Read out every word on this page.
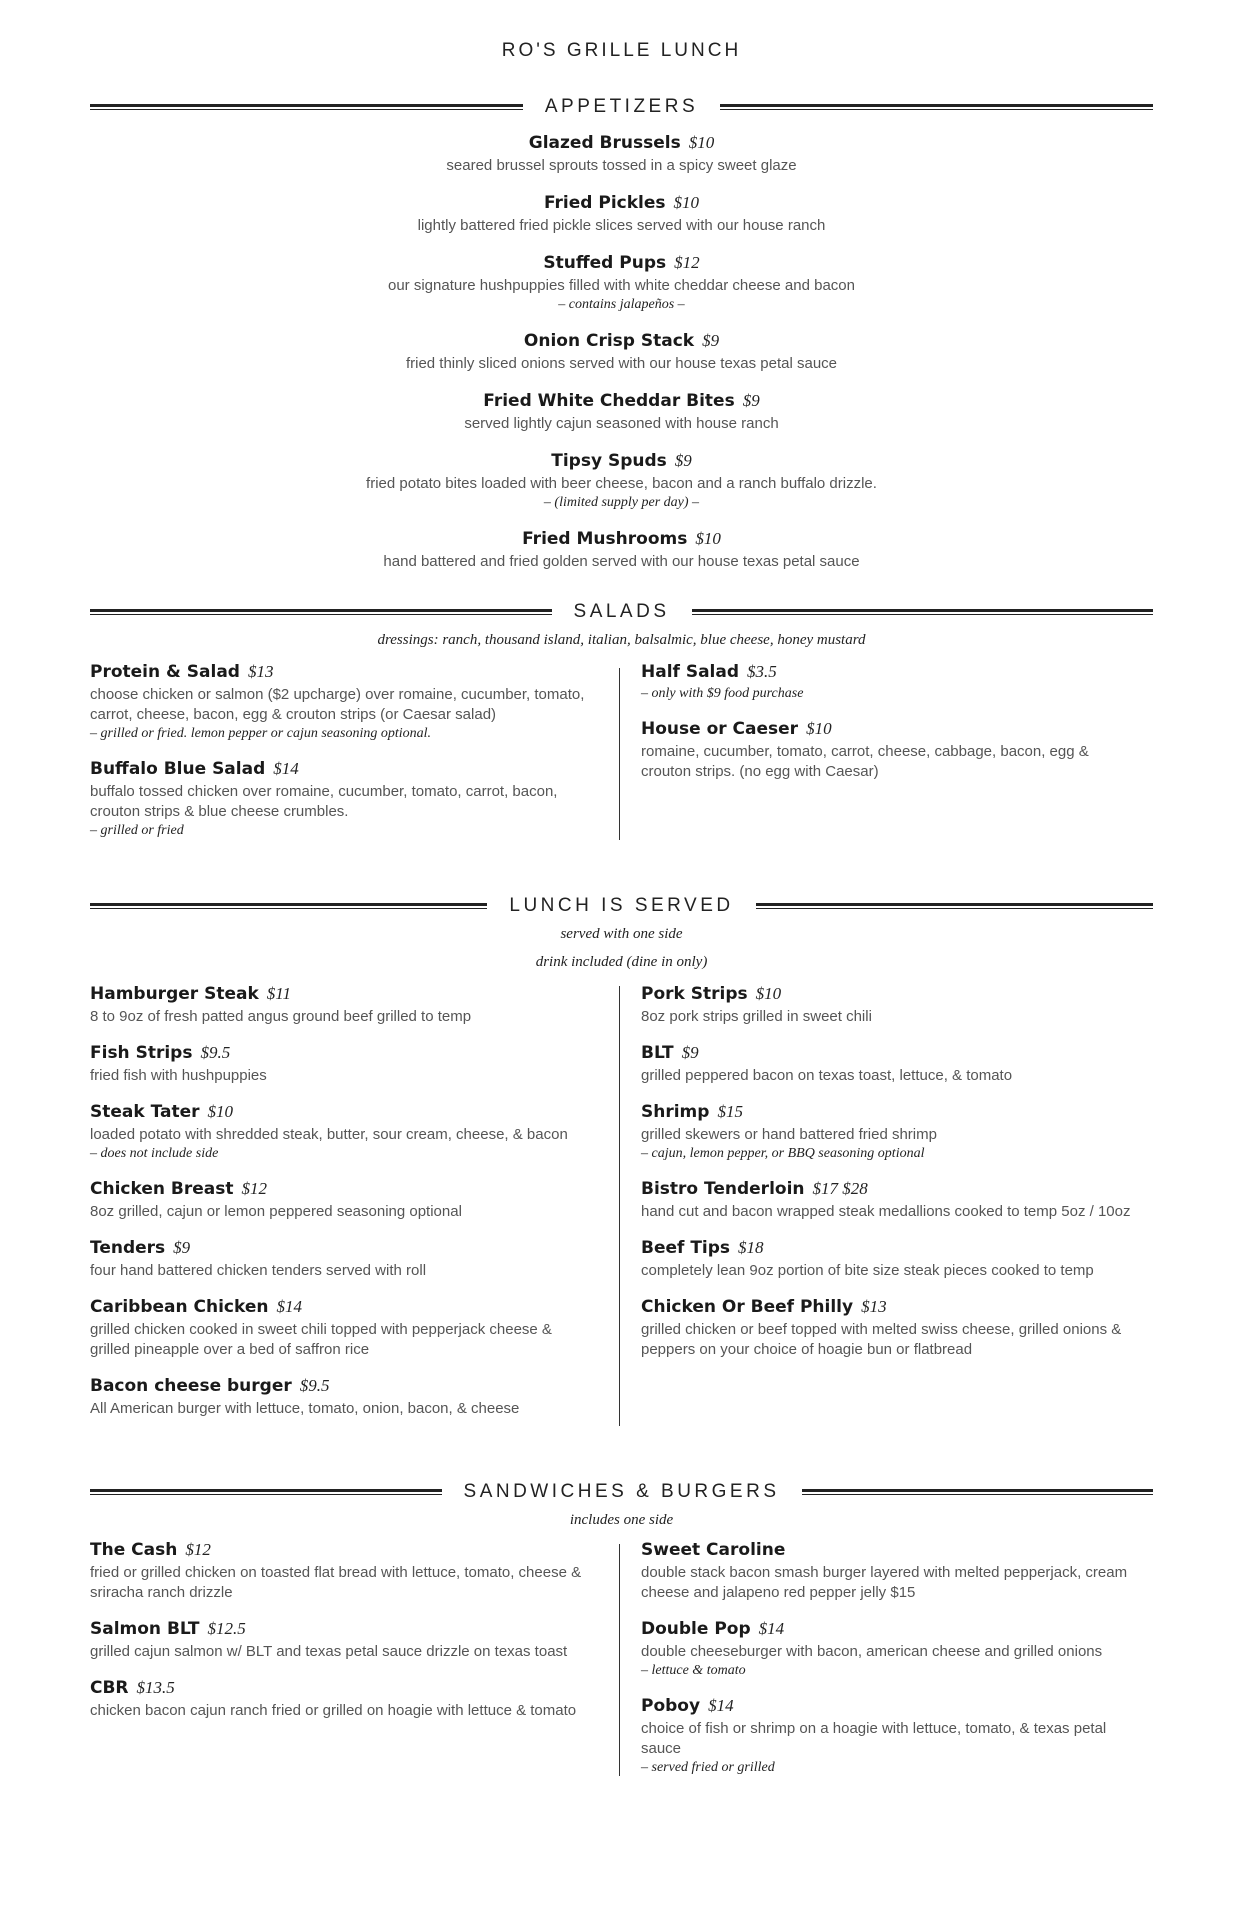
RO'S GRILLE LUNCH
APPETIZERS
Glazed Brussels $10
seared brussel sprouts tossed in a spicy sweet glaze
Fried Pickles $10
lightly battered fried pickle slices served with our house ranch
Stuffed Pups $12
our signature hushpuppies filled with white cheddar cheese and bacon
– contains jalapeños –
Onion Crisp Stack $9
fried thinly sliced onions served with our house texas petal sauce
Fried White Cheddar Bites $9
served lightly cajun seasoned with house ranch
Tipsy Spuds $9
fried potato bites loaded with beer cheese, bacon and a ranch buffalo drizzle.
– (limited supply per day) –
Fried Mushrooms $10
hand battered and fried golden served with our house texas petal sauce
SALADS
dressings: ranch, thousand island, italian, balsalmic, blue cheese, honey mustard
Protein & Salad $13
choose chicken or salmon ($2 upcharge) over romaine, cucumber, tomato, carrot, cheese, bacon, egg & crouton strips (or Caesar salad)
– grilled or fried. lemon pepper or cajun seasoning optional.
Buffalo Blue Salad $14
buffalo tossed chicken over romaine, cucumber, tomato, carrot, bacon, crouton strips & blue cheese crumbles.
– grilled or fried
Half Salad $3.5
– only with $9 food purchase
House or Caeser $10
romaine, cucumber, tomato, carrot, cheese, cabbage, bacon, egg & crouton strips. (no egg with Caesar)
LUNCH IS SERVED
served with one side
drink included (dine in only)
Hamburger Steak $11
8 to 9oz of fresh patted angus ground beef grilled to temp
Fish Strips $9.5
fried fish with hushpuppies
Steak Tater $10
loaded potato with shredded steak, butter, sour cream, cheese, & bacon
– does not include side
Chicken Breast $12
8oz grilled, cajun or lemon peppered seasoning optional
Tenders $9
four hand battered chicken tenders served with roll
Caribbean Chicken $14
grilled chicken cooked in sweet chili topped with pepperjack cheese & grilled pineapple over a bed of saffron rice
Bacon cheese burger $9.5
All American burger with lettuce, tomato, onion, bacon, & cheese
Pork Strips $10
8oz pork strips grilled in sweet chili
BLT $9
grilled peppered bacon on texas toast, lettuce, & tomato
Shrimp $15
grilled skewers or hand battered fried shrimp
– cajun, lemon pepper, or BBQ seasoning optional
Bistro Tenderloin $17 $28
hand cut and bacon wrapped steak medallions cooked to temp 5oz / 10oz
Beef Tips $18
completely lean 9oz portion of bite size steak pieces cooked to temp
Chicken Or Beef Philly $13
grilled chicken or beef topped with melted swiss cheese, grilled onions & peppers on your choice of hoagie bun or flatbread
SANDWICHES & BURGERS
includes one side
The Cash $12
fried or grilled chicken on toasted flat bread with lettuce, tomato, cheese & sriracha ranch drizzle
Salmon BLT $12.5
grilled cajun salmon w/ BLT and texas petal sauce drizzle on texas toast
CBR $13.5
chicken bacon cajun ranch fried or grilled on hoagie with lettuce & tomato
Sweet Caroline
double stack bacon smash burger layered with melted pepperjack, cream cheese and jalapeno red pepper jelly $15
Double Pop $14
double cheeseburger with bacon, american cheese and grilled onions
– lettuce & tomato
Poboy $14
choice of fish or shrimp on a hoagie with lettuce, tomato, & texas petal sauce
– served fried or grilled
